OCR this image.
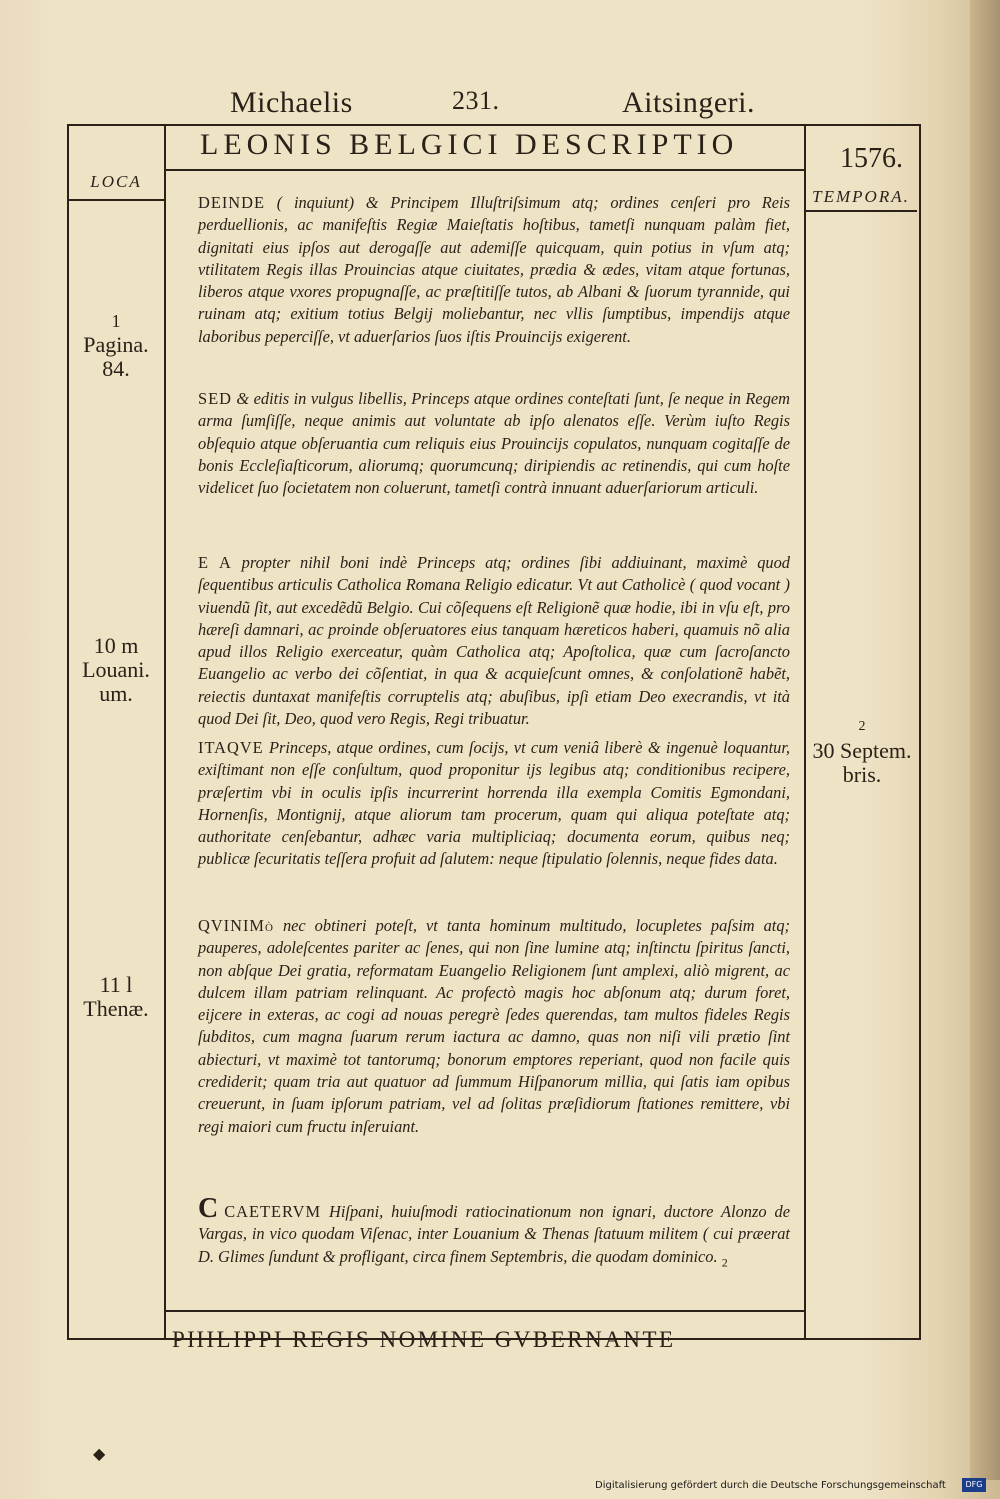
Michaelis	231.	Aitsingeri.
LEONIS BELGICI DESCRIPTIO	1576.
LOCA
TEMPORA.
1
Pagina.
84.
10 m
Louani.
um.
11 l
Thenæ.
2
30 Septem.
bris.
DEINDE ( inquiunt) & Principem Illuſtriſsimum atq; ordines cenſeri pro Reis perduellionis, ac manifeſtis Regiæ Maieſtatis hoſtibus, tametſi nunquam palàm fiet, dignitati eius ipſos aut derogaſſe aut ademiſſe quicquam, quin potius in vſum atq; vtilitatem Regis illas Prouincias atque ciuitates, prædia & ædes, vitam atque fortunas, liberos atque vxores propugnaſſe, ac præſtitiſſe tutos, ab Albani & ſuorum tyrannide, qui ruinam atq; exitium totius Belgij moliebantur, nec vllis ſumptibus, impendijs atque laboribus peperciſſe, vt aduerſarios ſuos iſtis Prouincijs exigerent.
SED & editis in vulgus libellis, Princeps atque ordines conteſtati ſunt, ſe neque in Regem arma ſumſiſſe, neque animis aut voluntate ab ipſo alenatos eſſe. Verùm iuſto Regis obſequio atque obſeruantia cum reliquis eius Prouincijs copulatos, nunquam cogitaſſe de bonis Eccleſiaſticorum, aliorumq; quorumcunq; diripiendis ac retinendis, qui cum hoſte videlicet ſuo ſocietatem non coluerunt, tametſi contrà innuant aduerſariorum articuli.
E A propter nihil boni indè Princeps atq; ordines ſibi addiuinant, maximè quod ſequentibus articulis Catholica Romana Religio edicatur. Vt aut Catholicè ( quod vocant ) viuendũ ſit, aut excedẽdũ Belgio. Cui cõſequens eſt Religionẽ quæ hodie, ibi in vſu eſt, pro hæreſi damnari, ac proinde obſeruatores eius tanquam hæreticos haberi, quamuis nõ alia apud illos Religio exerceatur, quàm Catholica atq; Apoſtolica, quæ cum ſacroſancto Euangelio ac verbo dei cõſentiat, in qua & acquieſcunt omnes, & conſolationẽ habẽt, reiectis duntaxat manifeſtis corruptelis atq; abuſibus, ipſi etiam Deo execrandis, vt ità quod Dei ſit, Deo, quod vero Regis, Regi tribuatur.
ITAQVE Princeps, atque ordines, cum ſocijs, vt cum veniâ liberè & ingenuè loquantur, exiſtimant non eſſe conſultum, quod proponitur ijs legibus atq; conditionibus recipere, præſertim vbi in oculis ipſis incurrerint horrenda illa exempla Comitis Egmondani, Hornenſis, Montignij, atque aliorum tam procerum, quam qui aliqua poteſtate atq; authoritate cenſebantur, adhæc varia multipliciaq; documenta eorum, quibus neq; publicæ ſecuritatis teſſera profuit ad ſalutem: neque ſtipulatio ſolennis, neque fides data.
QVINIMò nec obtineri poteſt, vt tanta hominum multitudo, locupletes paſsim atq; pauperes, adoleſcentes pariter ac ſenes, qui non ſine lumine atq; inſtinctu ſpiritus ſancti, non abſque Dei gratia, reformatam Euangelio Religionem ſunt amplexi, aliò migrent, ac dulcem illam patriam relinquant. Ac profectò magis hoc abſonum atq; durum foret, eijcere in exteras, ac cogi ad nouas peregrè ſedes querendas, tam multos fideles Regis ſubditos, cum magna ſuarum rerum iactura ac damno, quas non niſi vili prætio ſint abiecturi, vt maximè tot tantorumq; bonorum emptores reperiant, quod non facile quis crediderit; quam tria aut quatuor ad ſummum Hiſpanorum millia, qui ſatis iam opibus creuerunt, in ſuam ipſorum patriam, vel ad ſolitas præſidiorum ſtationes remittere, vbi regi maiori cum fructu inſeruiant.
CCAETERVM Hiſpani, huiuſmodi ratiocinationum non ignari, ductore Alonzo de Vargas, in vico quodam Viſenac, inter Louanium & Thenas ſtatuum militem ( cui præerat D. Glimes ſundunt & profligant, circa finem Septembris, die quodam dominico. $_2$
PHILIPPI REGIS NOMINE GVBERNANTE
◆
Digitalisierung gefördert durch die Deutsche Forschungsgemeinschaft	DFG
